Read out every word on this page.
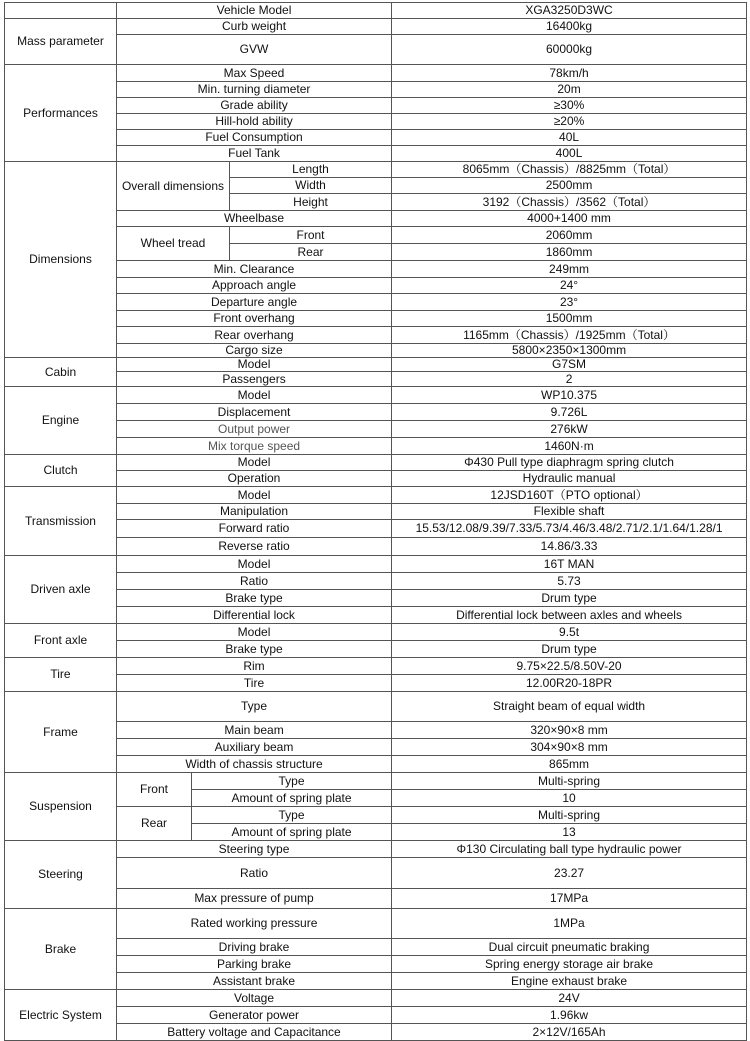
	Vehicle Model			XGA3250D3WC
Mass parameter	Curb weight			16400kg
	GVW			60000kg
Performances	Max Speed			78km/h
	Min. turning diameter			20m
	Grade ability			≥30%
	Hill-hold ability			≥20%
	Fuel Consumption			40L
	Fuel Tank			400L
Dimensions	Overall dimensions		Length	8065mm（Chassis）/8825mm（Total）
			Width	2500mm
			Height	3192（Chassis）/3562（Total）
	Wheelbase			4000+1400 mm
	Wheel tread		Front	2060mm
			Rear	1860mm
	Min. Clearance			249mm
	Approach angle			24°
	Departure angle			23°
	Front overhang			1500mm
	Rear overhang			1165mm（Chassis）/1925mm（Total）
	Cargo size			5800×2350×1300mm
Cabin	Model			G7SM
	Passengers			2
Engine	Model			WP10.375
	Displacement			9.726L
	Output power			276kW
	Mix torque speed			1460N·m
Clutch	Model			Φ430 Pull type diaphragm spring clutch
	Operation			Hydraulic manual
Transmission	Model			12JSD160T（PTO optional）
	Manipulation			Flexible shaft
	Forward ratio			15.53/12.08/9.39/7.33/5.73/4.46/3.48/2.71/2.1/1.64/1.28/1
	Reverse ratio			14.86/3.33
Driven axle	Model			16T MAN
	Ratio			5.73
	Brake type			Drum type
	Differential lock			Differential lock between axles and wheels
Front axle	Model			9.5t
	Brake type			Drum type
Tire	Rim			9.75×22.5/8.50V-20
	Tire			12.00R20-18PR
Frame	Type			Straight beam of equal width
	Main beam			320×90×8 mm
	Auxiliary beam			304×90×8 mm
	Width of chassis structure			865mm
Suspension	Front	Type		Multi-spring
		Amount of spring plate		10
	Rear	Type		Multi-spring
		Amount of spring plate		13
Steering	Steering type			Φ130 Circulating ball type hydraulic power
	Ratio			23.27
	Max pressure of pump			17MPa
Brake	Rated working pressure			1MPa
	Driving brake			Dual circuit pneumatic braking
	Parking brake			Spring energy storage air brake
	Assistant brake			Engine exhaust brake
Electric System	Voltage			24V
	Generator power			1.96kw
	Battery voltage and Capacitance			2×12V/165Ah
